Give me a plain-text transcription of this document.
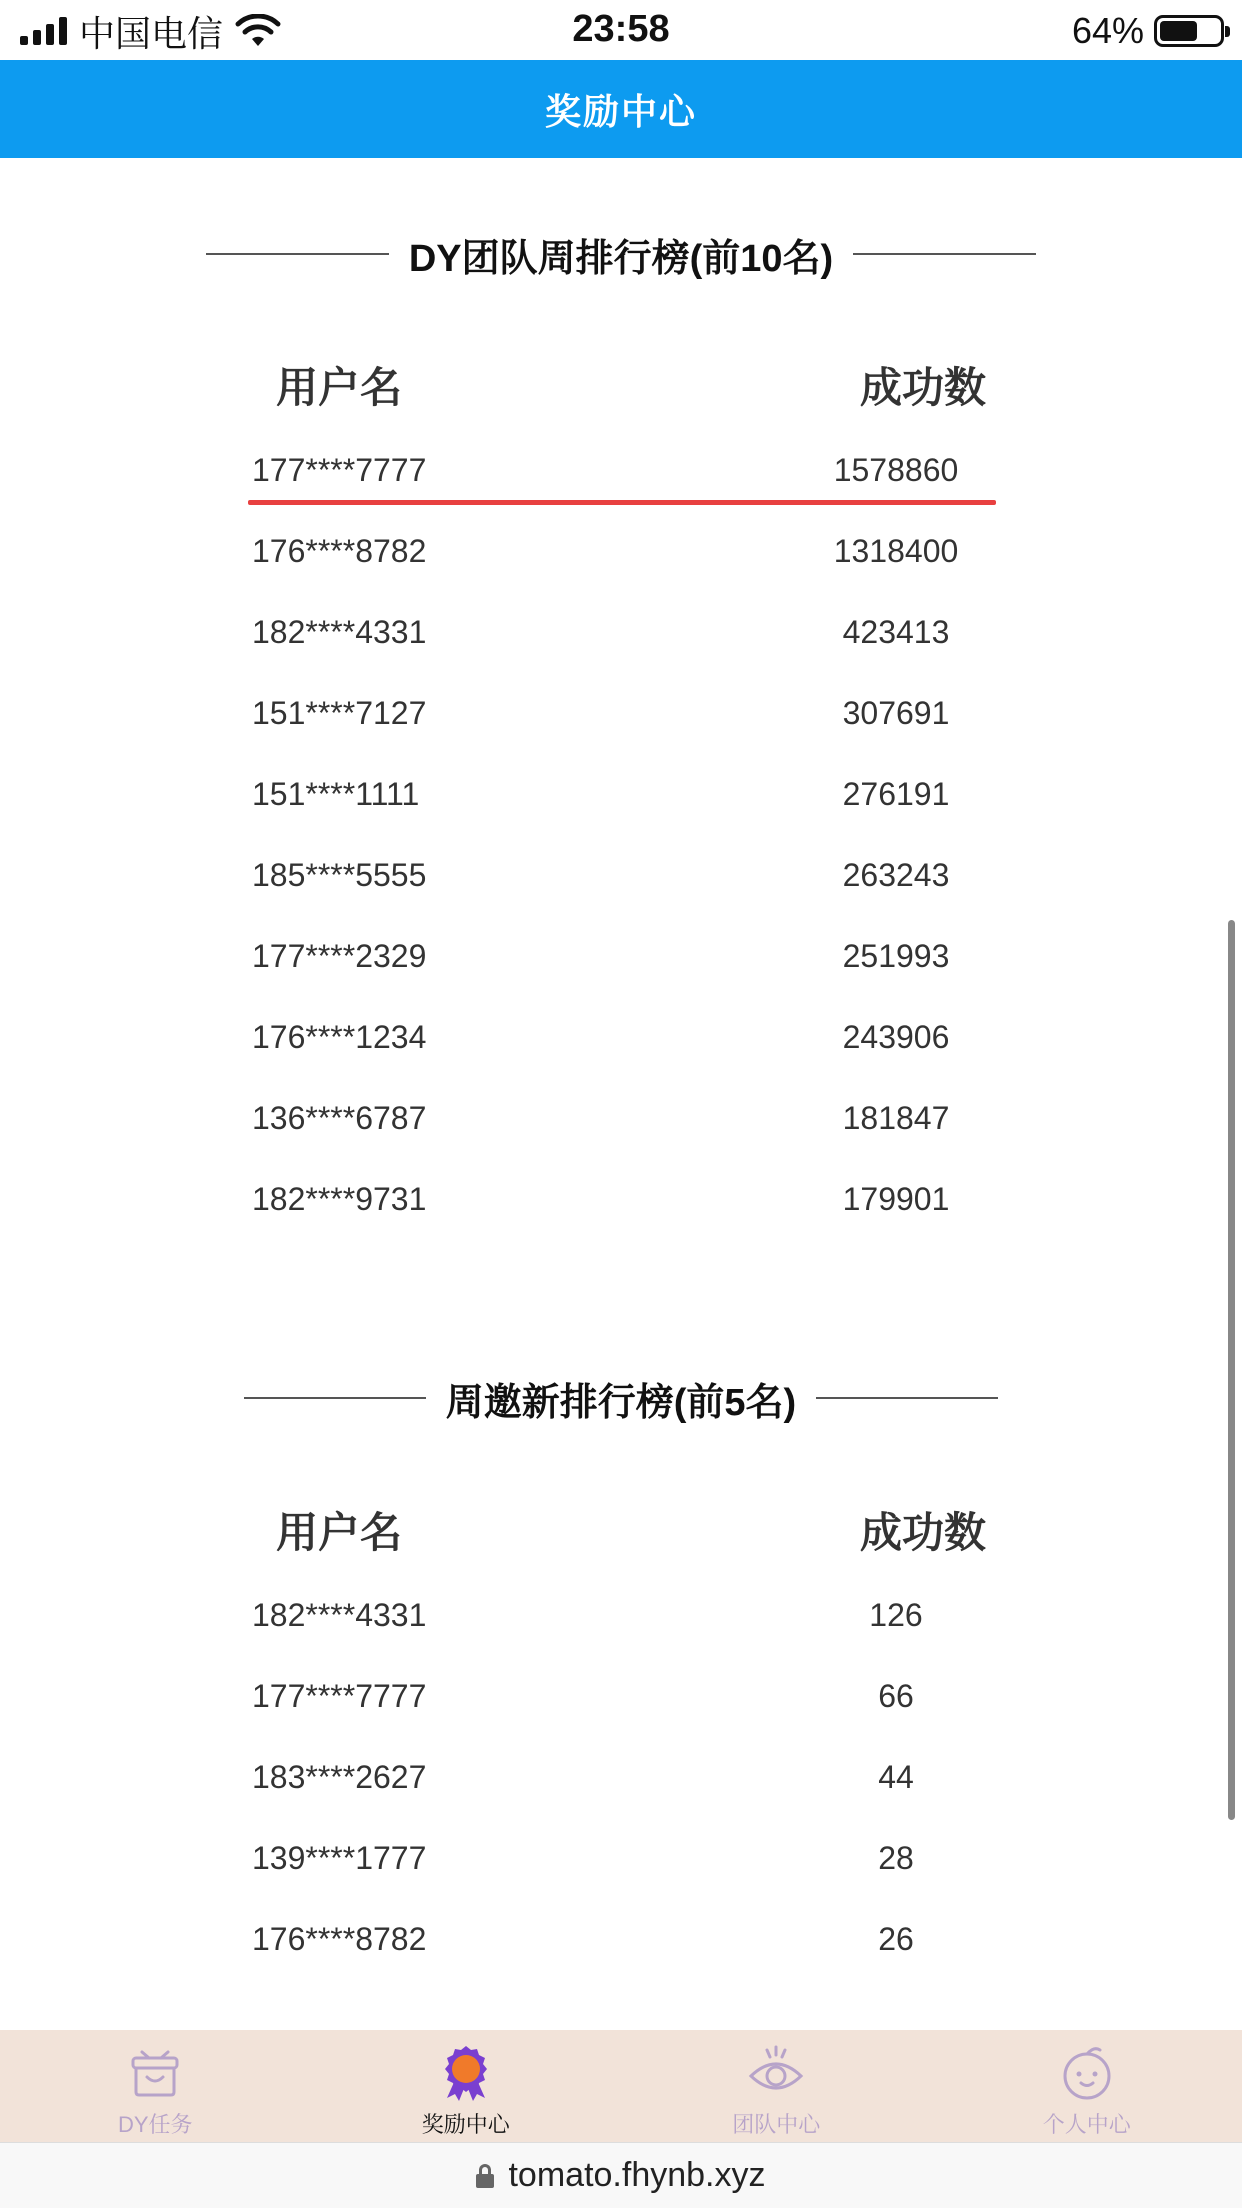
中国电信	23:58	64%
奖励中心
DY团队周排行榜(前10名)
用户名	成功数
177****7777	1578860
176****8782	1318400
182****4331	423413
151****7127	307691
151****1111	276191
185****5555	263243
177****2329	251993
176****1234	243906
136****6787	181847
182****9731	179901
周邀新排行榜(前5名)
用户名	成功数
182****4331	126
177****7777	66
183****2627	44
139****1777	28
176****8782	26
DY任务	奖励中心	团队中心	个人中心
tomato.fhynb.xyz
